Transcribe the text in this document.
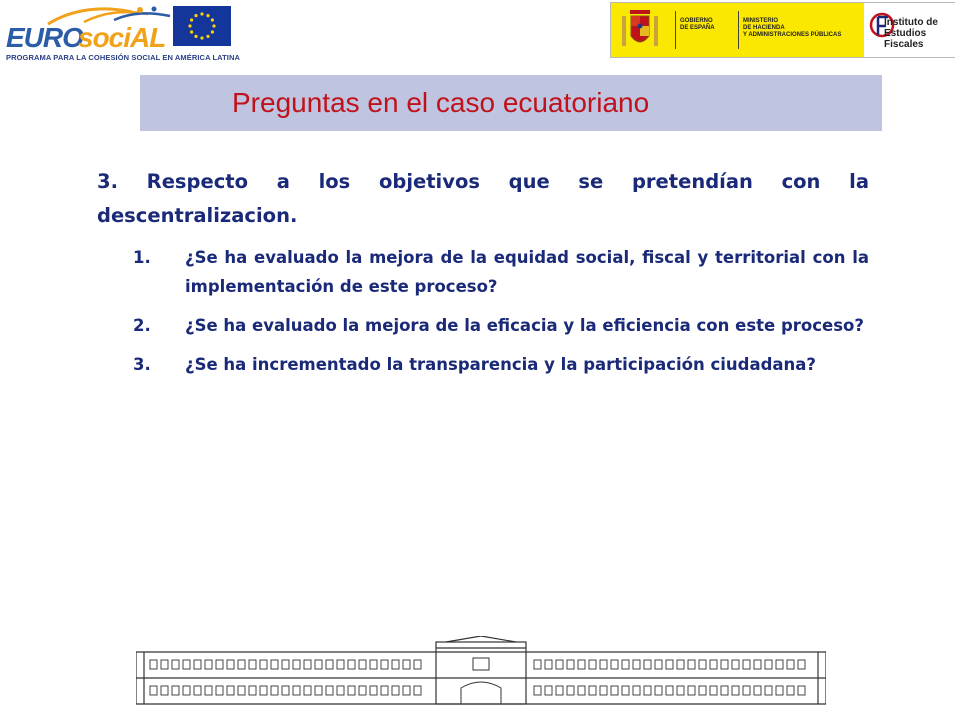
EURO
sociAL
PROGRAMA PARA LA COHESIÓN SOCIAL EN AMÉRICA LATINA
GOBIERNO
DE ESPAÑA
MINISTERIO
DE HACIENDA
Y ADMINISTRACIONES PÚBLICAS
Instituto de
Estudios Fiscales
Preguntas en el caso ecuatoriano

3. Respecto a los objetivos que se pretendían con la descentralizacion.

1. ¿Se ha evaluado la mejora de la equidad social, fiscal y territorial con la implementación de este proceso?
2. ¿Se ha evaluado la mejora de la eficacia y la eficiencia con este proceso?
3. ¿Se ha incrementado la transparencia y la participación ciudadana?
